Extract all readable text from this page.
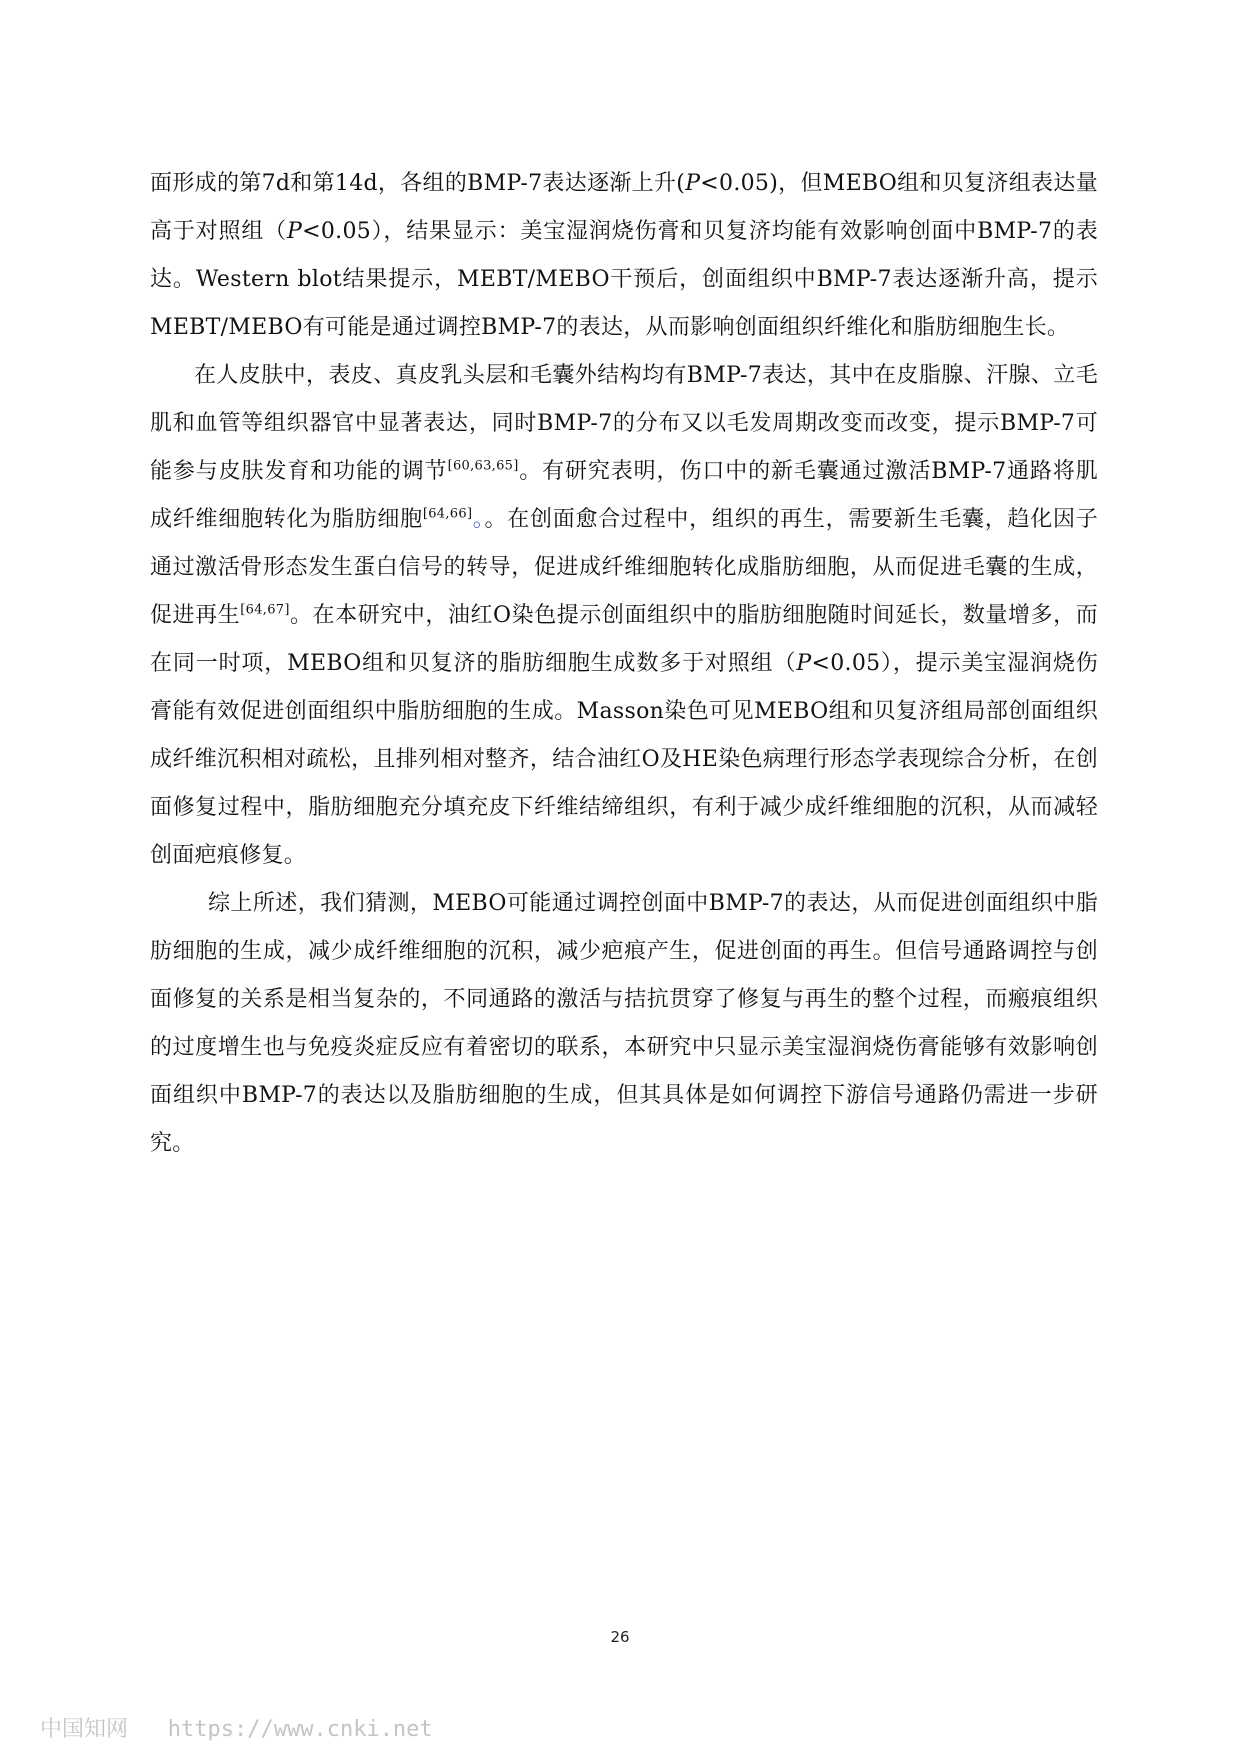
面形成的第7d和第14d，各组的BMP-7表达逐渐上升(P<0.05)，但MEBO组和贝复济组表达量高于对照组（P<0.05），结果显示：美宝湿润烧伤膏和贝复济均能有效影响创面中BMP-7的表达。Western blot结果提示，MEBT/MEBO干预后，创面组织中BMP-7表达逐渐升高，提示MEBT/MEBO有可能是通过调控BMP-7的表达，从而影响创面组织纤维化和脂肪细胞生长。

在人皮肤中，表皮、真皮乳头层和毛囊外结构均有BMP-7表达，其中在皮脂腺、汗腺、立毛肌和血管等组织器官中显著表达，同时BMP-7的分布又以毛发周期改变而改变，提示BMP-7可能参与皮肤发育和功能的调节[60,63,65]。有研究表明，伤口中的新毛囊通过激活BMP-7通路将肌成纤维细胞转化为脂肪细胞[64,66]。。在创面愈合过程中，组织的再生，需要新生毛囊，趋化因子通过激活骨形态发生蛋白信号的转导，促进成纤维细胞转化成脂肪细胞，从而促进毛囊的生成，促进再生[64,67]。在本研究中，油红O染色提示创面组织中的脂肪细胞随时间延长，数量增多，而在同一时项，MEBO组和贝复济的脂肪细胞生成数多于对照组（P<0.05），提示美宝湿润烧伤膏能有效促进创面组织中脂肪细胞的生成。Masson染色可见MEBO组和贝复济组局部创面组织成纤维沉积相对疏松，且排列相对整齐，结合油红O及HE染色病理行形态学表现综合分析，在创面修复过程中，脂肪细胞充分填充皮下纤维结缔组织，有利于减少成纤维细胞的沉积，从而减轻创面疤痕修复。

综上所述，我们猜测，MEBO可能通过调控创面中BMP-7的表达，从而促进创面组织中脂肪细胞的生成，减少成纤维细胞的沉积，减少疤痕产生，促进创面的再生。但信号通路调控与创面修复的关系是相当复杂的，不同通路的激活与拮抗贯穿了修复与再生的整个过程，而瘢痕组织的过度增生也与免疫炎症反应有着密切的联系，本研究中只显示美宝湿润烧伤膏能够有效影响创面组织中BMP-7的表达以及脂肪细胞的生成，但其具体是如何调控下游信号通路仍需进一步研究。

26
中国知网 https://www.cnki.net
